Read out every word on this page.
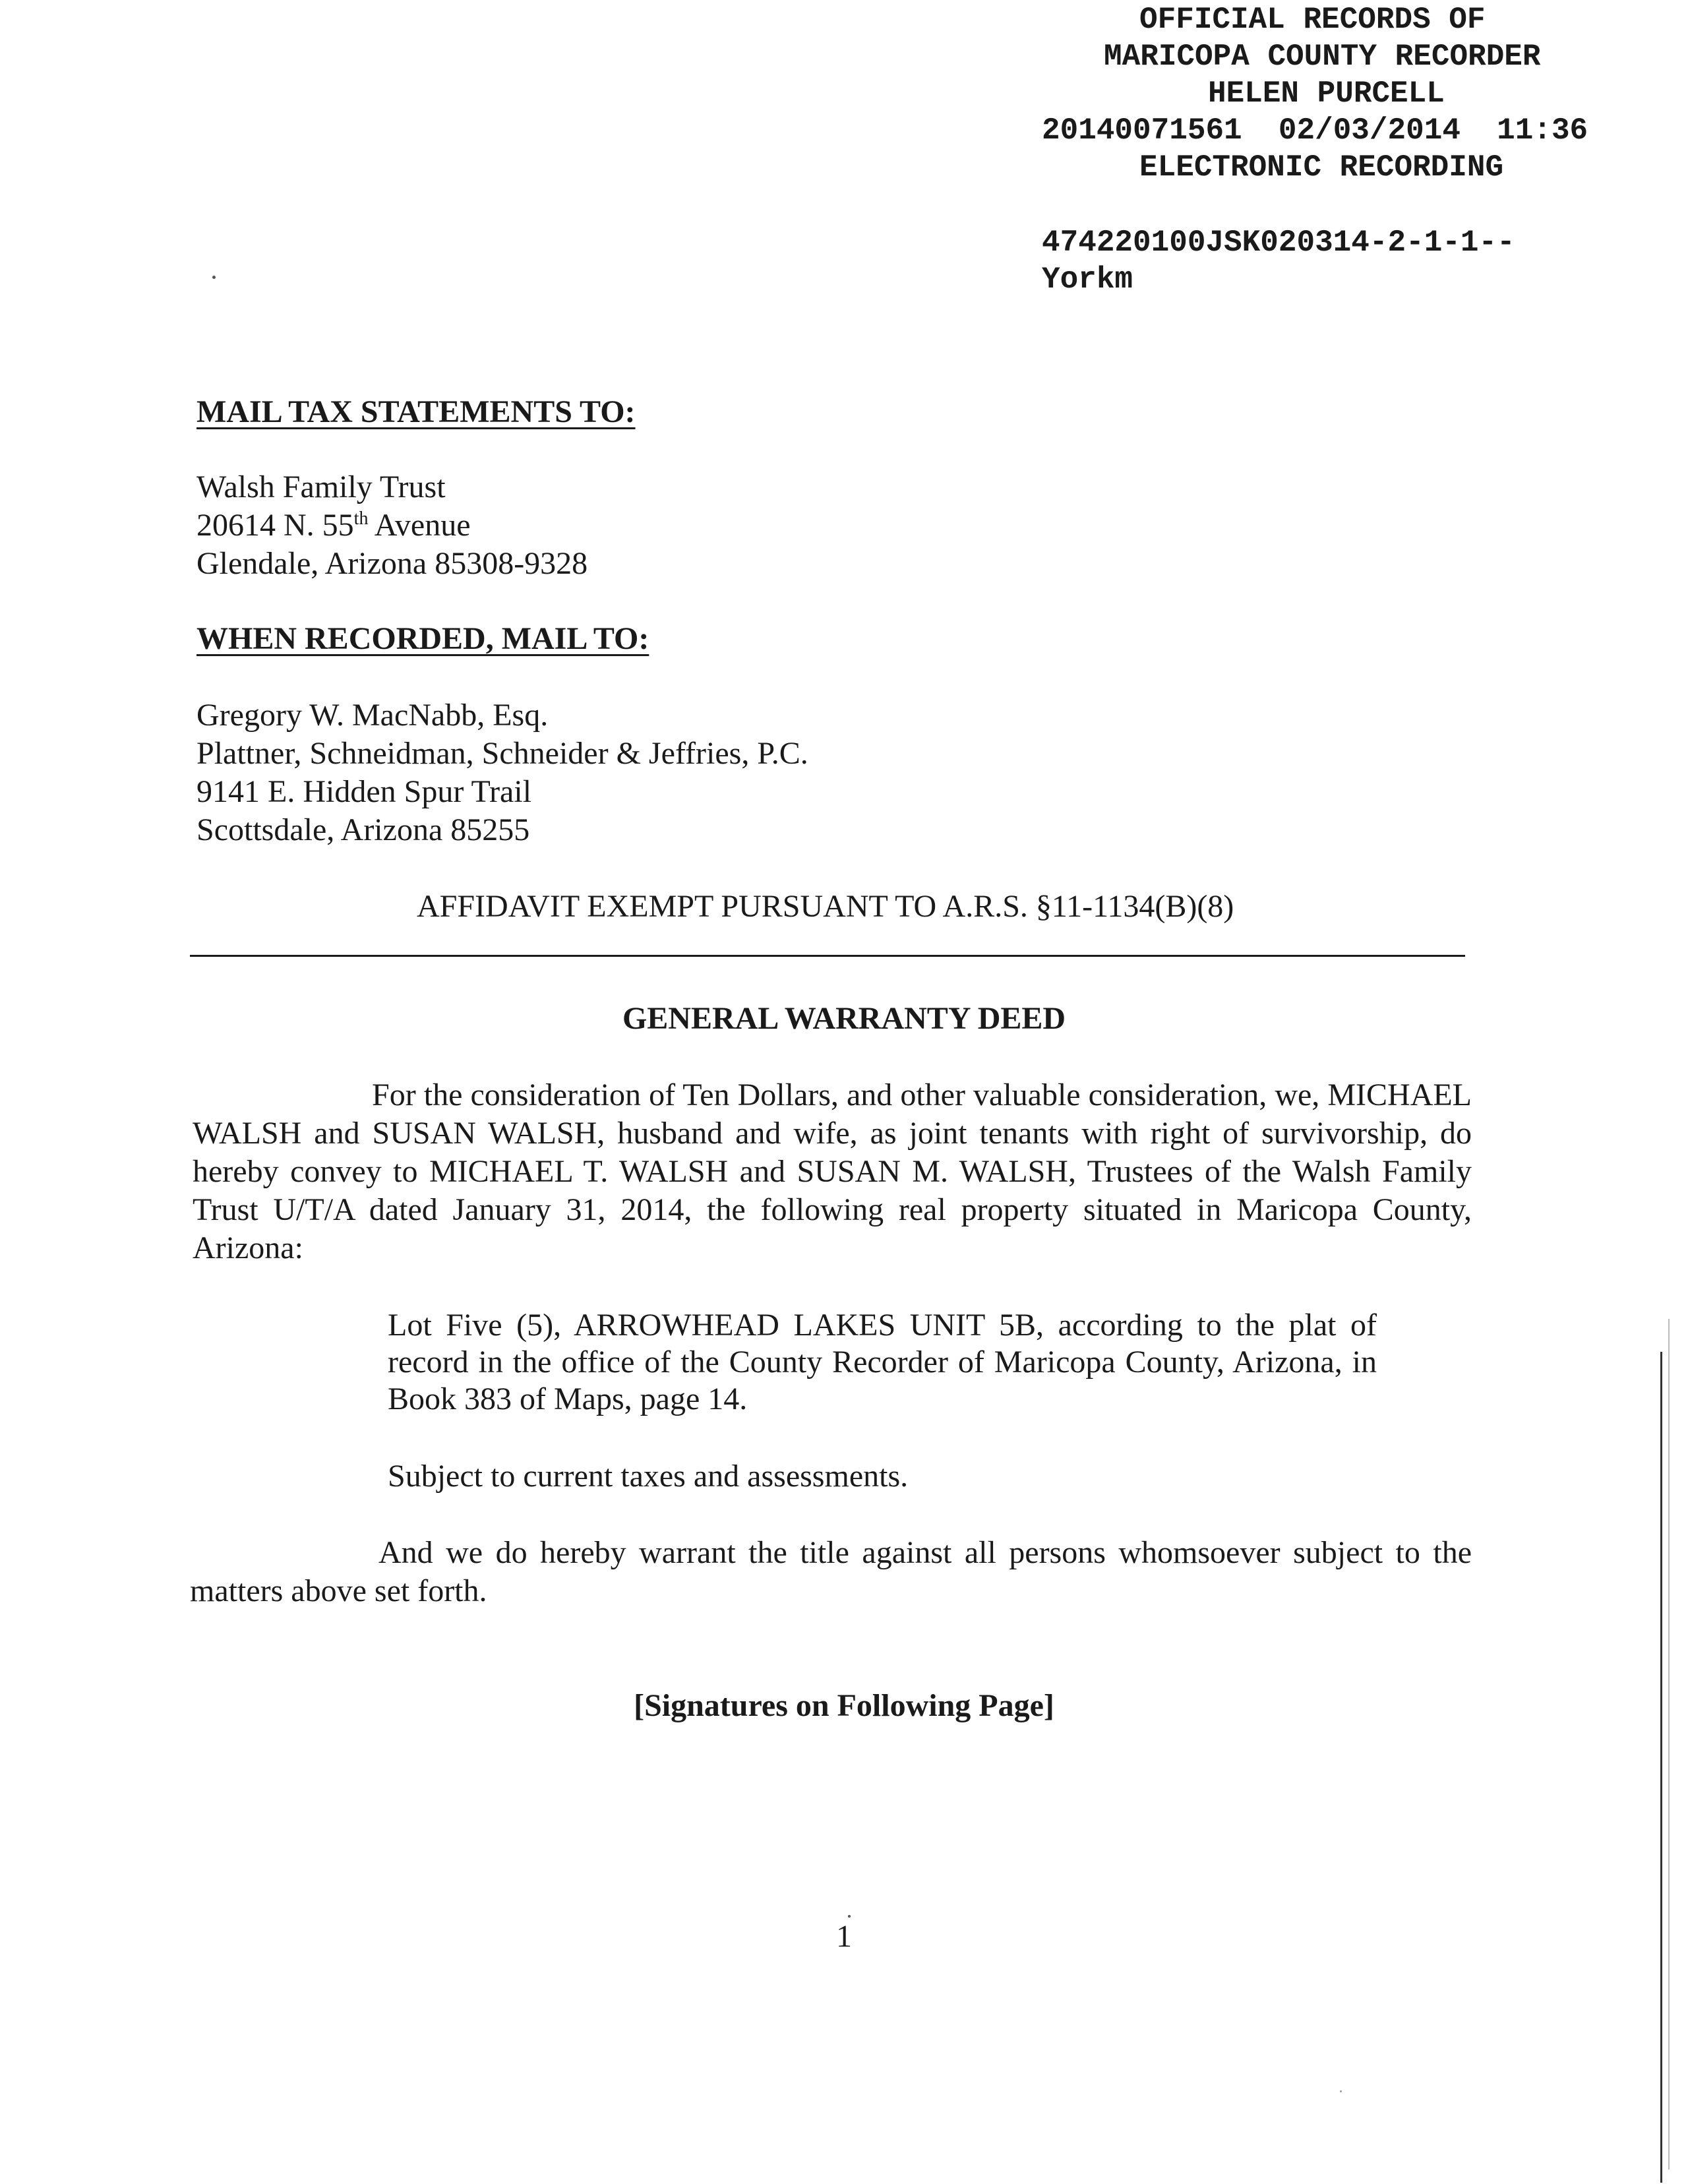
OFFICIAL RECORDS OF
MARICOPA COUNTY RECORDER
HELEN PURCELL
20140071561 02/03/2014 11:36
ELECTRONIC RECORDING
474220100JSK020314-2-1-1--
Yorkm
MAIL TAX STATEMENTS TO:
Walsh Family Trust
20614 N. 55th Avenue
Glendale, Arizona 85308-9328
WHEN RECORDED, MAIL TO:
Gregory W. MacNabb, Esq.
Plattner, Schneidman, Schneider & Jeffries, P.C.
9141 E. Hidden Spur Trail
Scottsdale, Arizona 85255
AFFIDAVIT EXEMPT PURSUANT TO A.R.S. §11-1134(B)(8)
GENERAL WARRANTY DEED
For the consideration of Ten Dollars, and other valuable consideration, we, MICHAEL WALSH and SUSAN WALSH, husband and wife, as joint tenants with right of survivorship, do hereby convey to MICHAEL T. WALSH and SUSAN M. WALSH, Trustees of the Walsh Family Trust U/T/A dated January 31, 2014, the following real property situated in Maricopa County, Arizona:
Lot Five (5), ARROWHEAD LAKES UNIT 5B, according to the plat of record in the office of the County Recorder of Maricopa County, Arizona, in Book 383 of Maps, page 14.
Subject to current taxes and assessments.
And we do hereby warrant the title against all persons whomsoever subject to the matters above set forth.
[Signatures on Following Page]
1
